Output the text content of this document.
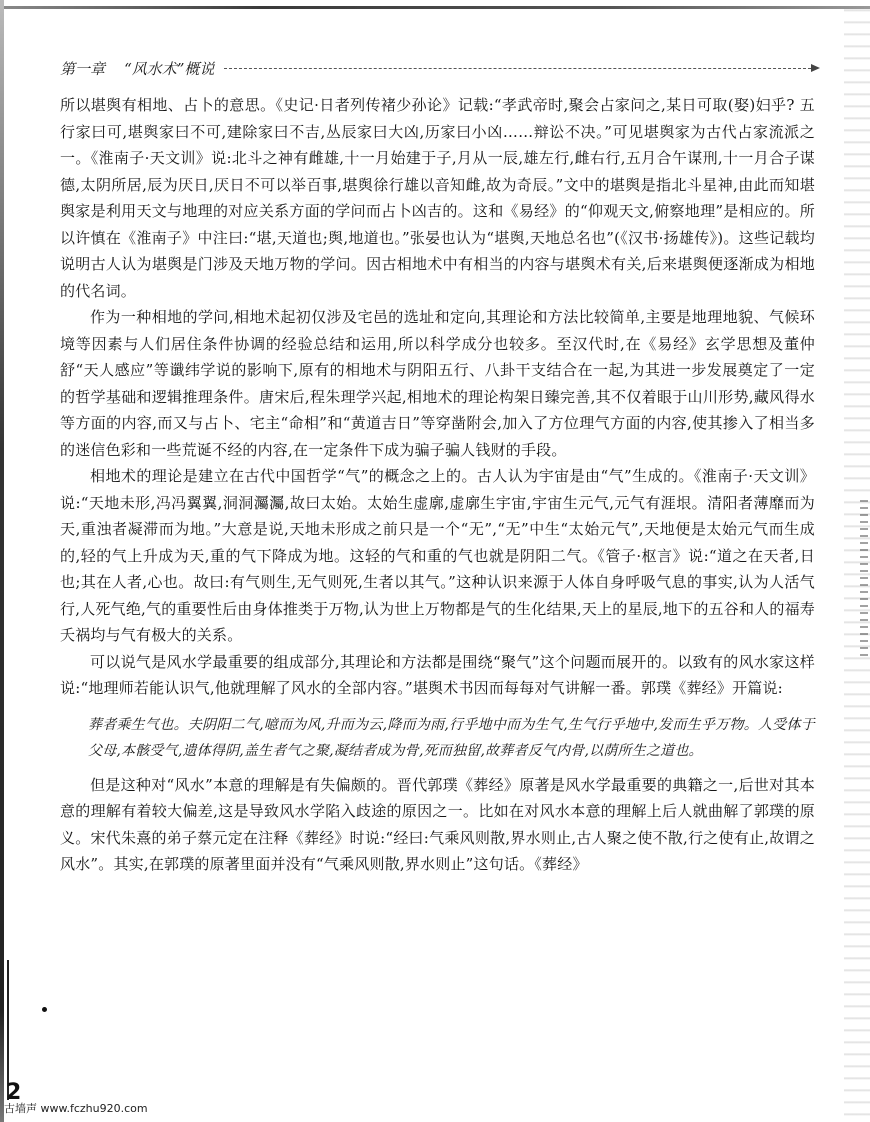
第一章    “风水术”概说

所以堪舆有相地、占卜的意思。《史记·日者列传褚少孙论》记载:“孝武帝时,聚会占家问之,某日可取(娶)妇乎? 五行家曰可,堪舆家曰不可,建除家曰不吉,丛辰家曰大凶,历家曰小凶……辩讼不决。”可见堪舆家为古代占家流派之一。《淮南子·天文训》说:北斗之神有雌雄,十一月始建于子,月从一辰,雄左行,雌右行,五月合午谋刑,十一月合子谋德,太阴所居,辰为厌日,厌日不可以举百事,堪舆徐行雄以音知雌,故为奇辰。”文中的堪舆是指北斗星神,由此而知堪舆家是利用天文与地理的对应关系方面的学问而占卜凶吉的。这和《易经》的“仰观天文,俯察地理”是相应的。所以许慎在《淮南子》中注曰:“堪,天道也;舆,地道也。”张晏也认为“堪舆,天地总名也”(《汉书·扬雄传》)。这些记载均说明古人认为堪舆是门涉及天地万物的学问。因古相地术中有相当的内容与堪舆术有关,后来堪舆便逐渐成为相地的代名词。

作为一种相地的学问,相地术起初仅涉及宅邑的选址和定向,其理论和方法比较简单,主要是地理地貌、气候环境等因素与人们居住条件协调的经验总结和运用,所以科学成分也较多。至汉代时,在《易经》玄学思想及董仲舒“天人感应”等谶纬学说的影响下,原有的相地术与阴阳五行、八卦干支结合在一起,为其进一步发展奠定了一定的哲学基础和逻辑推理条件。唐宋后,程朱理学兴起,相地术的理论构架日臻完善,其不仅着眼于山川形势,藏风得水等方面的内容,而又与占卜、宅主“命相”和“黄道吉日”等穿凿附会,加入了方位理气方面的内容,使其掺入了相当多的迷信色彩和一些荒诞不经的内容,在一定条件下成为骗子骗人钱财的手段。

相地术的理论是建立在古代中国哲学“气”的概念之上的。古人认为宇宙是由“气”生成的。《淮南子·天文训》说:“天地未形,冯冯翼翼,洞洞灟灟,故曰太始。太始生虚廓,虚廓生宇宙,宇宙生元气,元气有涯垠。清阳者薄靡而为天,重浊者凝滞而为地。”大意是说,天地未形成之前只是一个“无”,“无”中生“太始元气”,天地便是太始元气而生成的,轻的气上升成为天,重的气下降成为地。这轻的气和重的气也就是阴阳二气。《管子·枢言》说:“道之在天者,日也;其在人者,心也。故曰:有气则生,无气则死,生者以其气。”这种认识来源于人体自身呼吸气息的事实,认为人活气行,人死气绝,气的重要性后由身体推类于万物,认为世上万物都是气的生化结果,天上的星辰,地下的五谷和人的福寿夭祸均与气有极大的关系。

可以说气是风水学最重要的组成部分,其理论和方法都是围绕“聚气”这个问题而展开的。以致有的风水家这样说:“地理师若能认识气,他就理解了风水的全部内容。”堪舆术书因而每每对气讲解一番。郭璞《葬经》开篇说:

葬者乘生气也。夫阴阳二气,噫而为风,升而为云,降而为雨,行乎地中而为生气,生气行乎地中,发而生乎万物。人受体于父母,本骸受气,遗体得阴,盖生者气之聚,凝结者成为骨,死而独留,故葬者反气内骨,以荫所生之道也。

但是这种对“风水”本意的理解是有失偏颇的。晋代郭璞《葬经》原著是风水学最重要的典籍之一,后世对其本意的理解有着较大偏差,这是导致风水学陷入歧途的原因之一。比如在对风水本意的理解上后人就曲解了郭璞的原义。宋代朱熹的弟子蔡元定在注释《葬经》时说:“经曰:气乘风则散,界水则止,古人聚之使不散,行之使有止,故谓之风水”。其实,在郭璞的原著里面并没有“气乘风则散,界水则止”这句话。《葬经》

2
古墙声 www.fczhu920.com
